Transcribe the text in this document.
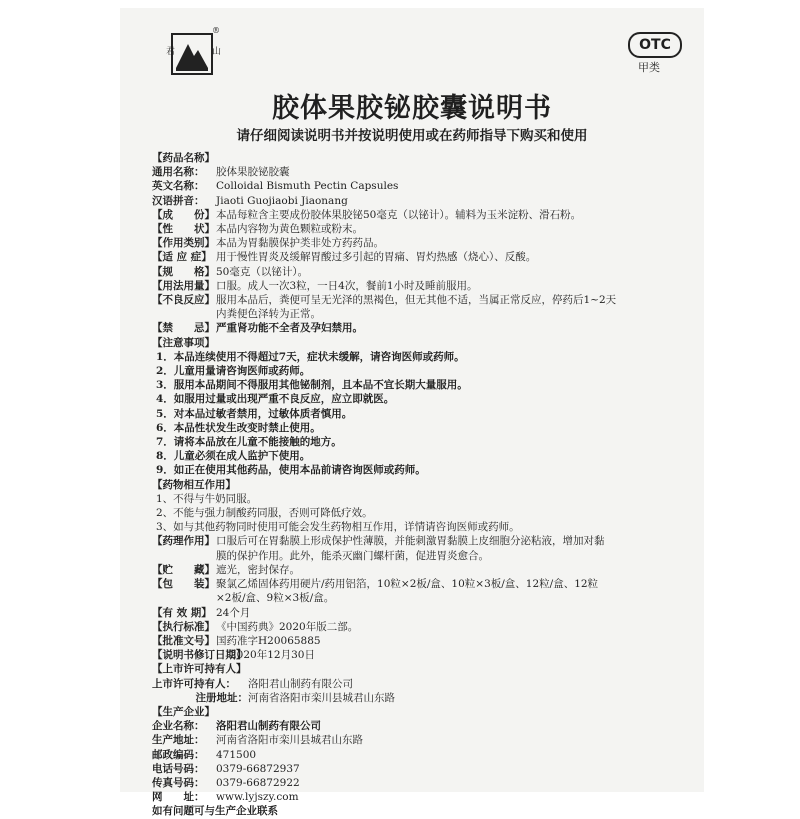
君	山
®
OTC
甲类
胶体果胶铋胶囊说明书
请仔细阅读说明书并按说明使用或在药师指导下购买和使用
【药品名称】
通用名称：	胶体果胶铋胶囊
英文名称：	Colloidal Bismuth Pectin Capsules
汉语拼音：	Jiaoti Guojiaobi Jiaonang
【成　　份】 本品每粒含主要成份胶体果胶铋50毫克（以铋计）。辅料为玉米淀粉、滑石粉。
【性　　状】 本品内容物为黄色颗粒或粉末。
【作用类别】 本品为胃黏膜保护类非处方药药品。
【适 应 症】 用于慢性胃炎及缓解胃酸过多引起的胃痛、胃灼热感（烧心）、反酸。
【规　　格】 50毫克（以铋计）。
【用法用量】 口服。成人一次3粒，一日4次，餐前1小时及睡前服用。
【不良反应】 服用本品后，粪便可呈无光泽的黑褐色，但无其他不适，当属正常反应，停药后1~2天
内粪便色泽转为正常。
【禁　　忌】 严重肾功能不全者及孕妇禁用。
【注意事项】
1．本品连续使用不得超过7天，症状未缓解，请咨询医师或药师。
2．儿童用量请咨询医师或药师。
3．服用本品期间不得服用其他铋制剂，且本品不宜长期大量服用。
4．如服用过量或出现严重不良反应，应立即就医。
5．对本品过敏者禁用，过敏体质者慎用。
6．本品性状发生改变时禁止使用。
7．请将本品放在儿童不能接触的地方。
8．儿童必须在成人监护下使用。
9．如正在使用其他药品，使用本品前请咨询医师或药师。
【药物相互作用】
1、不得与牛奶同服。
2、不能与强力制酸药同服，否则可降低疗效。
3、如与其他药物同时使用可能会发生药物相互作用，详情请咨询医师或药师。
【药理作用】 口服后可在胃黏膜上形成保护性薄膜，并能刺激胃黏膜上皮细胞分泌粘液，增加对黏
膜的保护作用。此外，能杀灭幽门螺杆菌，促进胃炎愈合。
【贮　　藏】 遮光，密封保存。
【包　　装】 聚氯乙烯固体药用硬片/药用铝箔，10粒×2板/盒、10粒×3板/盒、12粒/盒、12粒
×2板/盒、9粒×3板/盒。
【有 效 期】 24个月
【执行标准】 《中国药典》2020年版二部。
【批准文号】 国药准字H20065885
【说明书修订日期】
2020年12月30日
【上市许可持有人】
上市许可持有人：	洛阳君山制药有限公司
注册地址： 河南省洛阳市栾川县城君山东路
【生产企业】
企业名称：	洛阳君山制药有限公司
生产地址：	河南省洛阳市栾川县城君山东路
邮政编码：	471500
电话号码：	0379-66872937
传真号码：	0379-66872922
网　　址：	www.lyjszy.com
如有问题可与生产企业联系
